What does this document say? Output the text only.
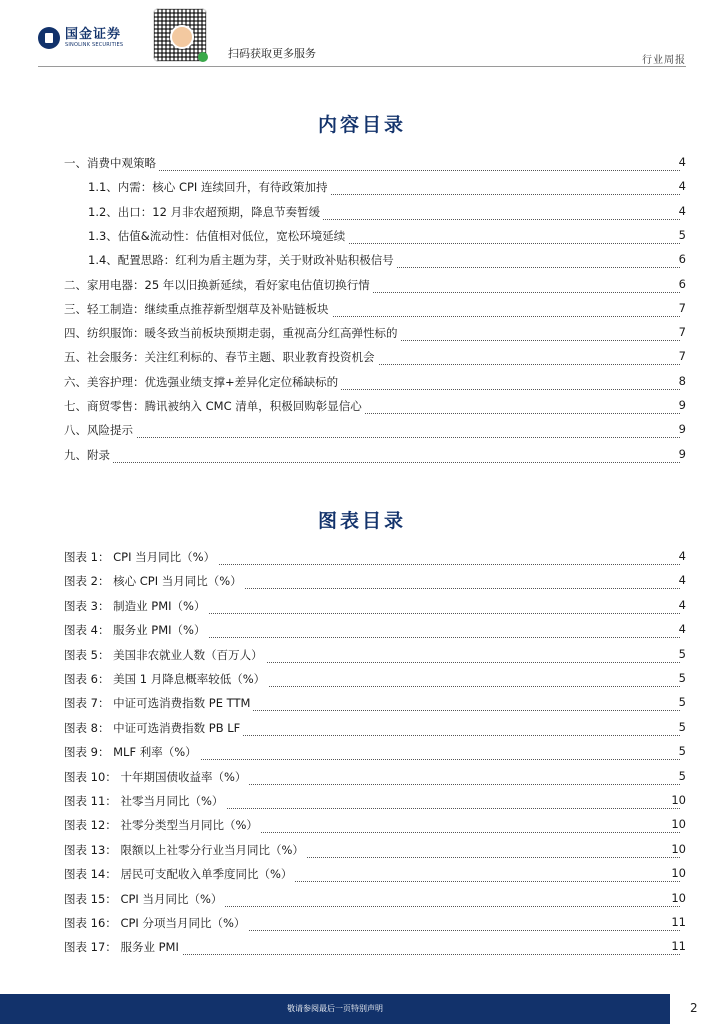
国金证券
SINOLINK SECURITIES
扫码获取更多服务
行业周报
内容目录
一、消费中观策略	4
1.1、内需：核心 CPI 连续回升，有待政策加持	4
1.2、出口：12 月非农超预期，降息节奏暂缓	4
1.3、估值&流动性：估值相对低位，宽松环境延续	5
1.4、配置思路：红利为盾主题为芽，关于财政补贴积极信号	6
二、家用电器：25 年以旧换新延续，看好家电估值切换行情	6
三、轻工制造：继续重点推荐新型烟草及补贴链板块	7
四、纺织服饰：暖冬致当前板块预期走弱，重视高分红高弹性标的	7
五、社会服务：关注红利标的、春节主题、职业教育投资机会	7
六、美容护理：优选强业绩支撑+差异化定位稀缺标的	8
七、商贸零售：腾讯被纳入 CMC 清单，积极回购彰显信心	9
八、风险提示	9
九、附录	9
图表目录
图表 1： CPI 当月同比（%）	4
图表 2： 核心 CPI 当月同比（%）	4
图表 3： 制造业 PMI（%）	4
图表 4： 服务业 PMI（%）	4
图表 5： 美国非农就业人数（百万人）	5
图表 6： 美国 1 月降息概率较低（%）	5
图表 7： 中证可选消费指数 PE TTM	5
图表 8： 中证可选消费指数 PB LF	5
图表 9： MLF 利率（%）	5
图表 10： 十年期国债收益率（%）	5
图表 11： 社零当月同比（%）	10
图表 12： 社零分类型当月同比（%）	10
图表 13： 限额以上社零分行业当月同比（%）	10
图表 14： 居民可支配收入单季度同比（%）	10
图表 15： CPI 当月同比（%）	10
图表 16： CPI 分项当月同比（%）	11
图表 17： 服务业 PMI	11
敬请参阅最后一页特别声明	2
